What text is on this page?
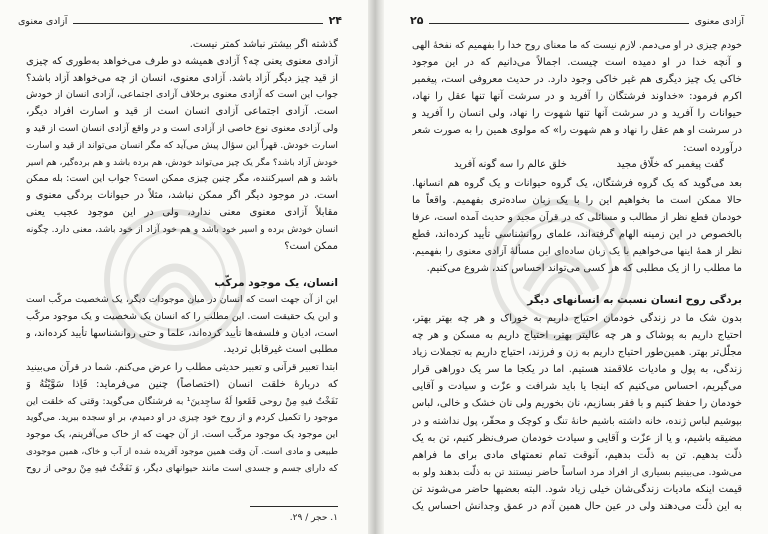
آزادی معنوی	۲۴
گذشته اگر بیشتر نباشد کمتر نیست.
آزادی معنوی یعنی چه؟ آزادی همیشه دو طرف می‌خواهد به‌طوری که چیزی
از قید چیز دیگر آزاد باشد. آزادی معنوی، انسان از چه می‌خواهد آزاد باشد؟
جواب این است که آزادی معنوی برخلاف آزادی اجتماعی، آزادی انسان از خودش
است. آزادی اجتماعی آزادی انسان است از قید و اسارت افراد دیگر،
ولی آزادی معنوی نوع خاصی از آزادی است و در واقع آزادی انسان است از قید و
اسارت خودش. قهراً این سؤال پیش می‌آید که مگر انسان می‌تواند از قید و اسارت
خودش آزاد باشد؟ مگر یک چیز می‌تواند خودش، هم برده باشد و هم برده‌گیر، هم اسیر
باشد و هم اسیرکننده، مگر چنین چیزی ممکن است؟ جواب این است: بله ممکن
است. در موجود دیگر اگر ممکن نباشد، مثلاً در حیوانات بردگی معنوی و
مقابلاً آزادی معنوی معنی ندارد، ولی در این موجود عجیب یعنی
انسان خودش برده و اسیر خود باشد و هم خود آزاد از خود باشد، معنی دارد. چگونه
ممکن است؟
انسان، یک موجود مرکّب
این از آن جهت است که انسان در میان موجودات دیگر، یک شخصیت مرکّب است
و این یک حقیقت است. این مطلب را که انسان یک شخصیت و یک موجود مرکّب
است، ادیان و فلسفه‌ها تأیید کرده‌اند، علما و حتی روانشناسها تأیید کرده‌اند، و
مطلبی است غیرقابل تردید.
ابتدا تعبیر قرآنی و تعبیر حدیثی مطلب را عرض می‌کنم. شما در قرآن می‌بینید
که دربارهٔ خلقت انسان (اختصاصاً) چنین می‌فرماید: فَاِذا سَوَّیْتُهُ وَ
نَفَخْتُ فیهِ مِنْ روحی فَقَعوا لَهُ ساجِدینَ¹ به فرشتگان می‌گوید: وقتی که خلقت این
موجود را تکمیل کردم و از روح خود چیزی در او دمیدم، بر او سجده ببرید. می‌گوید
این موجود یک موجود مرکّب است. از آن جهت که از خاک می‌آفرینم، یک موجود
طبیعی و مادی است. آن وقت همین موجود آفریده شده از آب و خاک، همین موجودی
که دارای جسم و جسدی است مانند حیوانهای دیگر، وَ نَفَخْتُ فیهِ مِنْ روحی از روح
۱. حجر / ۲۹.
۲۵	آزادی معنوی
خودم چیزی در او می‌دمم. لازم نیست که ما معنای روح خدا را بفهمیم که نفخهٔ الهی
و آنچه خدا در او دمیده است چیست. اجمالاً می‌دانیم که در این موجود
خاکی یک چیز دیگری هم غیر خاکی وجود دارد. در حدیث معروفی است، پیغمبر
اکرم فرمود: «خداوند فرشتگان را آفرید و در سرشت آنها تنها عقل را نهاد،
حیوانات را آفرید و در سرشت آنها تنها شهوت را نهاد، ولی انسان را آفرید و
در سرشت او هم عقل را نهاد و هم شهوت را» که مولوی همین را به صورت شعر
درآورده است:
گفت پیغمبر که خلّاق مجید
خلق عالم را سه گونه آفرید
بعد می‌گوید که یک گروه فرشتگان، یک گروه حیوانات و یک گروه هم انسانها.
حالا ممکن است ما بخواهیم این را با یک زبان ساده‌تری بفهمیم. واقعاً ما
خودمان قطع نظر از مطالب و مسائلی که در قرآن مجید و حدیث آمده است، عرفا
بالخصوص در این زمینه الهام گرفته‌اند، علمای روانشناسی تأیید کرده‌اند، قطع
نظر از همهٔ اینها می‌خواهیم با یک زبان ساده‌ای این مسألهٔ آزادی معنوی را بفهمیم.
ما مطلب را از یک مطلبی که هر کسی می‌تواند احساس کند، شروع می‌کنیم.
بردگی روح انسان نسبت به انسانهای دیگر
بدون شک ما در زندگی خودمان احتیاج داریم به خوراک و هر چه بهتر بهتر،
احتیاج داریم به پوشاک و هر چه عالیتر بهتر، احتیاج داریم به مسکن و هر چه
مجلّل‌تر بهتر. همین‌طور احتیاج داریم به زن و فرزند، احتیاج داریم به تجملات زیاد
زندگی، به پول و مادیات علاقمند هستیم. اما در یکجا ما سر یک دوراهی قرار
می‌گیریم، احساس می‌کنیم که اینجا یا باید شرافت و عزّت و سیادت و آقایی
خودمان را حفظ کنیم و با فقر بسازیم، نان بخوریم ولی نان خشک و خالی، لباس
بپوشیم لباس ژنده، خانه داشته باشیم خانهٔ تنگ و کوچک و محقّر، پول نداشته و در
مضیقه باشیم، و یا از عزّت و آقایی و سیادت خودمان صرف‌نظر کنیم، تن به یک
ذلّت بدهیم. تن به ذلّت بدهیم، آنوقت تمام نعمتهای مادی برای ما فراهم
می‌شود. می‌بینیم بسیاری از افراد مرد اساساً حاضر نیستند تن به ذلّت بدهند ولو به
قیمت اینکه مادیات زندگی‌شان خیلی زیاد شود. البته بعضیها حاضر می‌شوند تن
به این ذلّت می‌دهند ولی در عین حال همین آدم در عمق وجدانش احساس یک
